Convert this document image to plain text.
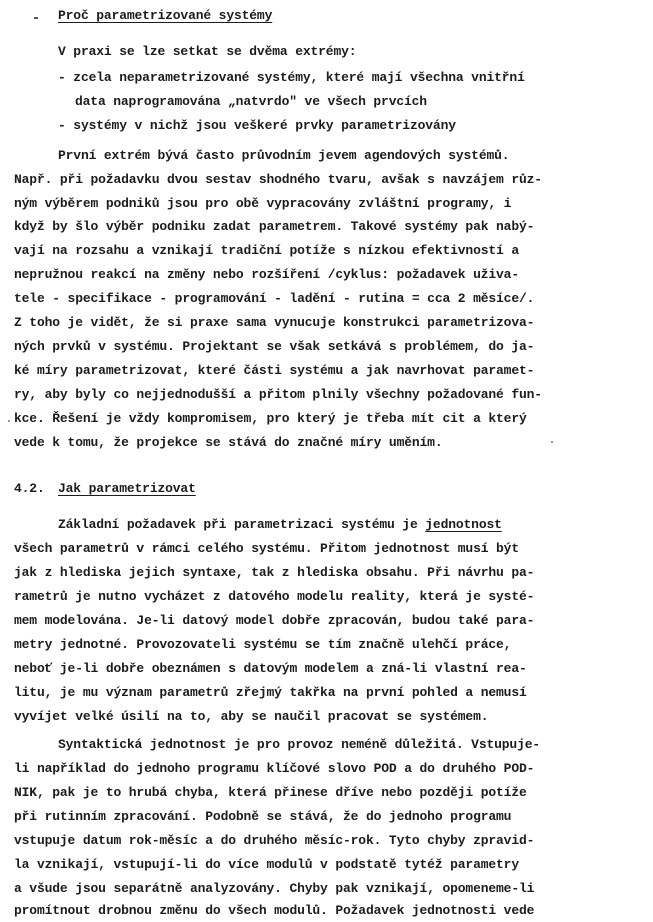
Proč parametrizované systémy
V praxi se lze setkat se dvěma extrémy:
- zcela neparametrizované systémy, které mají všechna vnitřní
data naprogramována „natvrdo" ve všech prvcích
- systémy v nichž jsou veškeré prvky parametrizovány
První extrém bývá často průvodním jevem agendových systémů.
Např. při požadavku dvou sestav shodného tvaru, avšak s navzájem růz-
ným výběrem podniků jsou pro obě vypracovány zvláštní programy, i
když by šlo výběr podniku zadat parametrem. Takové systémy pak nabý-
vají na rozsahu a vznikají tradiční potíže s nízkou efektivností a
nepružnou reakcí na změny nebo rozšíření /cyklus: požadavek uživa-
tele - specifikace - programování - ladění - rutina = cca 2 měsíce/.
Z toho je vidět, že si praxe sama vynucuje konstrukci parametrizova-
ných prvků v systému. Projektant se však setkává s problémem, do ja-
ké míry parametrizovat, které části systému a jak navrhovat paramet-
ry, aby byly co nejjednodušší a přitom plnily všechny požadované fun-
kce. Řešení je vždy kompromisem, pro který je třeba mít cit a který
vede k tomu, že projekce se stává do značné míry uměním.
4.2. Jak parametrizovat
Základní požadavek při parametrizaci systému je jednotnost
všech parametrů v rámci celého systému. Přitom jednotnost musí být
jak z hlediska jejich syntaxe, tak z hlediska obsahu. Při návrhu pa-
rametrů je nutno vycházet z datového modelu reality, která je systé-
mem modelována. Je-li datový model dobře zpracován, budou také para-
metry jednotné. Provozovateli systému se tím značně ulehčí práce,
neboť je-li dobře obeznámen s datovým modelem a zná-li vlastní rea-
litu, je mu význam parametrů zřejmý takřka na první pohled a nemusí
vyvíjet velké úsilí na to, aby se naučil pracovat se systémem.
Syntaktická jednotnost je pro provoz neméně důležitá. Vstupuje-
li například do jednoho programu klíčové slovo POD a do druhého POD-
NIK, pak je to hrubá chyba, která přinese dříve nebo později potíže
při rutinním zpracování. Podobně se stává, že do jednoho programu
vstupuje datum rok-měsíc a do druhého měsíc-rok. Tyto chyby zpravid-
la vznikají, vstupují-li do více modulů v podstatě tytéž parametry
a všude jsou separátně analyzovány. Chyby pak vznikají, opomeneme-li
promítnout drobnou změnu do všech modulů. Požadavek jednotnosti vede
